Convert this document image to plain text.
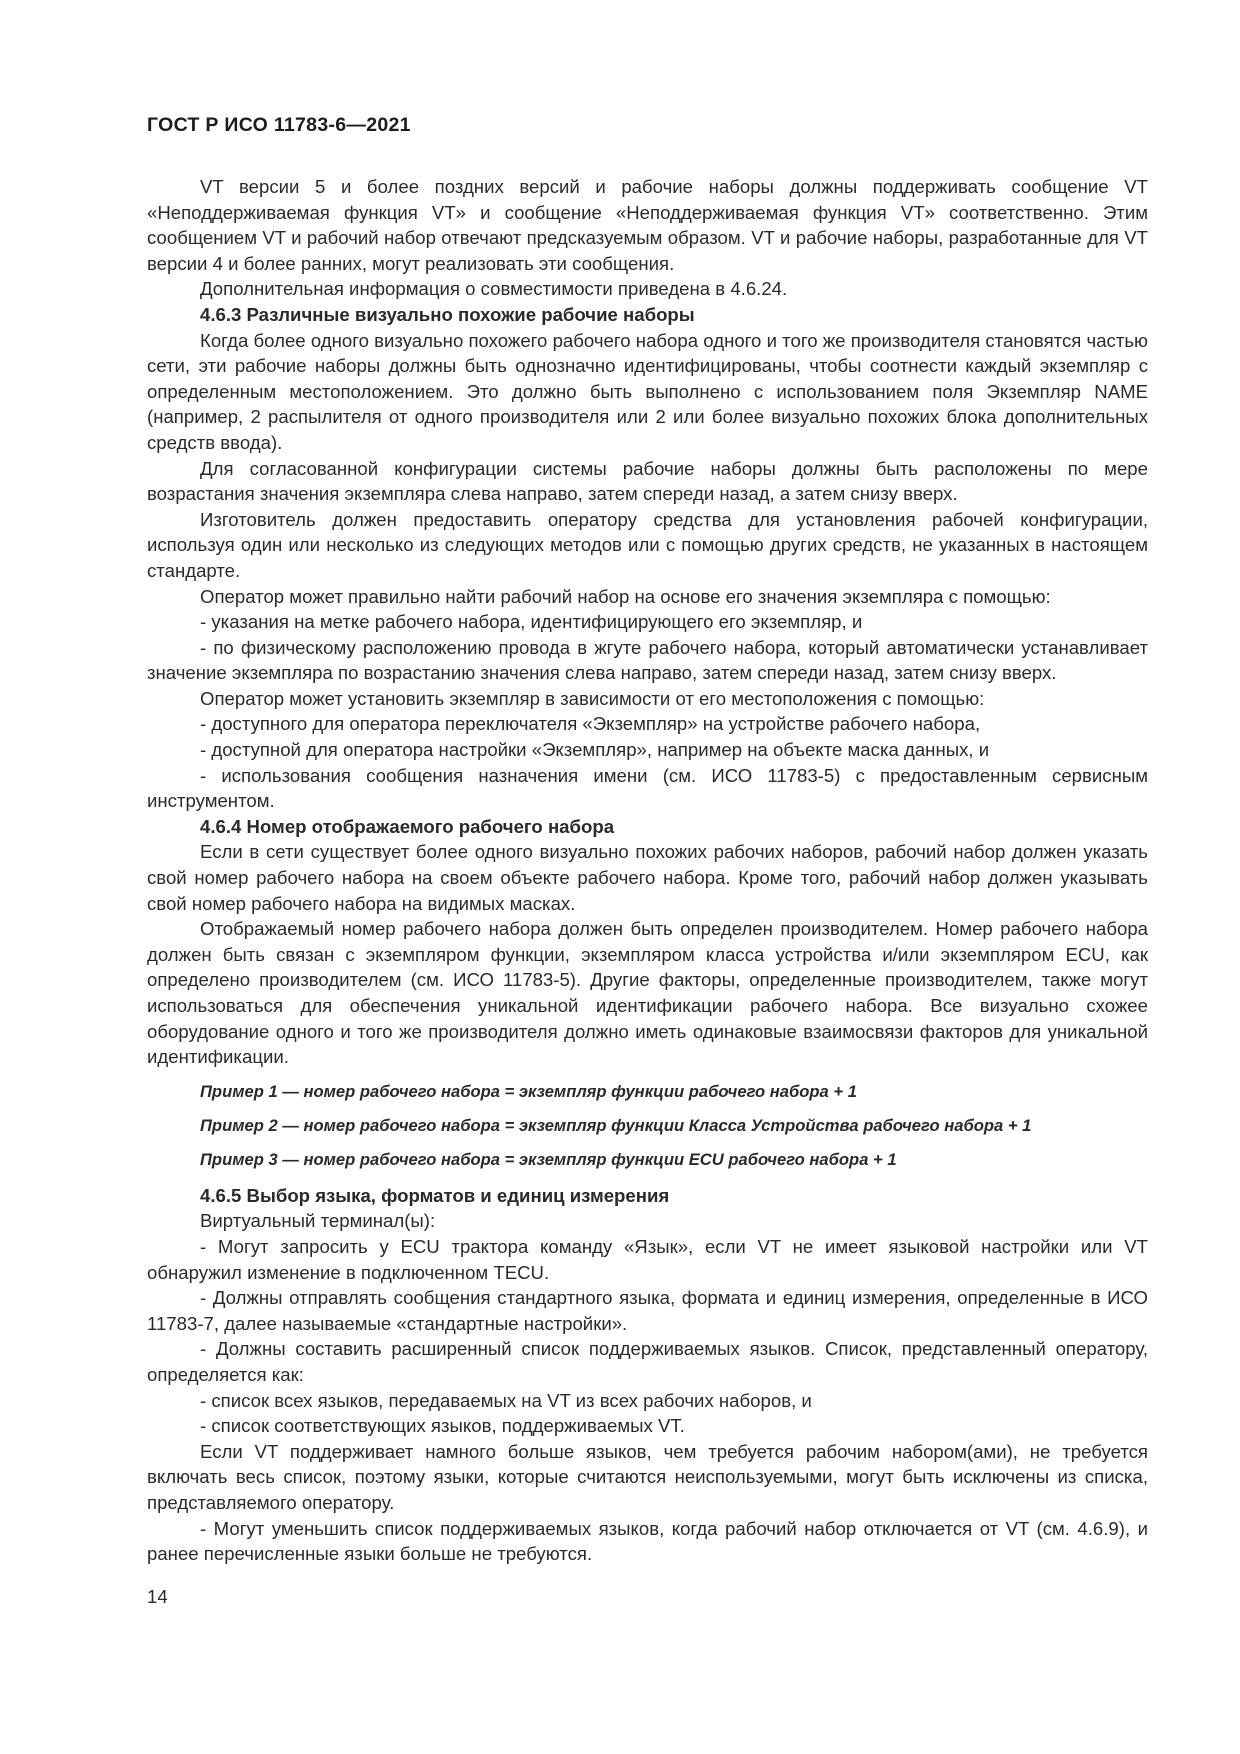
ГОСТ Р ИСО 11783-6—2021

VT версии 5 и более поздних версий и рабочие наборы должны поддерживать сообщение VT «Неподдерживаемая функция VT» и сообщение «Неподдерживаемая функция VT» соответственно. Этим сообщением VT и рабочий набор отвечают предсказуемым образом. VT и рабочие наборы, разработанные для VT версии 4 и более ранних, могут реализовать эти сообщения.

Дополнительная информация о совместимости приведена в 4.6.24.

4.6.3 Различные визуально похожие рабочие наборы

Когда более одного визуально похожего рабочего набора одного и того же производителя становятся частью сети, эти рабочие наборы должны быть однозначно идентифицированы, чтобы соотнести каждый экземпляр с определенным местоположением. Это должно быть выполнено с использованием поля Экземпляр NAME (например, 2 распылителя от одного производителя или 2 или более визуально похожих блока дополнительных средств ввода).

Для согласованной конфигурации системы рабочие наборы должны быть расположены по мере возрастания значения экземпляра слева направо, затем спереди назад, а затем снизу вверх.

Изготовитель должен предоставить оператору средства для установления рабочей конфигурации, используя один или несколько из следующих методов или с помощью других средств, не указанных в настоящем стандарте.

Оператор может правильно найти рабочий набор на основе его значения экземпляра с помощью:

- указания на метке рабочего набора, идентифицирующего его экземпляр, и

- по физическому расположению провода в жгуте рабочего набора, который автоматически устанавливает значение экземпляра по возрастанию значения слева направо, затем спереди назад, затем снизу вверх.

Оператор может установить экземпляр в зависимости от его местоположения с помощью:

- доступного для оператора переключателя «Экземпляр» на устройстве рабочего набора,

- доступной для оператора настройки «Экземпляр», например на объекте маска данных, и

- использования сообщения назначения имени (см. ИСО 11783-5) с предоставленным сервисным инструментом.

4.6.4 Номер отображаемого рабочего набора

Если в сети существует более одного визуально похожих рабочих наборов, рабочий набор должен указать свой номер рабочего набора на своем объекте рабочего набора. Кроме того, рабочий набор должен указывать свой номер рабочего набора на видимых масках.

Отображаемый номер рабочего набора должен быть определен производителем. Номер рабочего набора должен быть связан с экземпляром функции, экземпляром класса устройства и/или экземпляром ECU, как определено производителем (см. ИСО 11783-5). Другие факторы, определенные производителем, также могут использоваться для обеспечения уникальной идентификации рабочего набора. Все визуально схожее оборудование одного и того же производителя должно иметь одинаковые взаимосвязи факторов для уникальной идентификации.

Пример 1 — номер рабочего набора = экземпляр функции рабочего набора + 1

Пример 2 — номер рабочего набора = экземпляр функции Класса Устройства рабочего набора + 1

Пример 3 — номер рабочего набора = экземпляр функции ECU рабочего набора + 1

4.6.5 Выбор языка, форматов и единиц измерения

Виртуальный терминал(ы):

- Могут запросить у ECU трактора команду «Язык», если VT не имеет языковой настройки или VT обнаружил изменение в подключенном TECU.

- Должны отправлять сообщения стандартного языка, формата и единиц измерения, определенные в ИСО 11783-7, далее называемые «стандартные настройки».

- Должны составить расширенный список поддерживаемых языков. Список, представленный оператору, определяется как:

- список всех языков, передаваемых на VT из всех рабочих наборов, и

- список соответствующих языков, поддерживаемых VT.

Если VT поддерживает намного больше языков, чем требуется рабочим набором(ами), не требуется включать весь список, поэтому языки, которые считаются неиспользуемыми, могут быть исключены из списка, представляемого оператору.

- Могут уменьшить список поддерживаемых языков, когда рабочий набор отключается от VT (см. 4.6.9), и ранее перечисленные языки больше не требуются.

14
